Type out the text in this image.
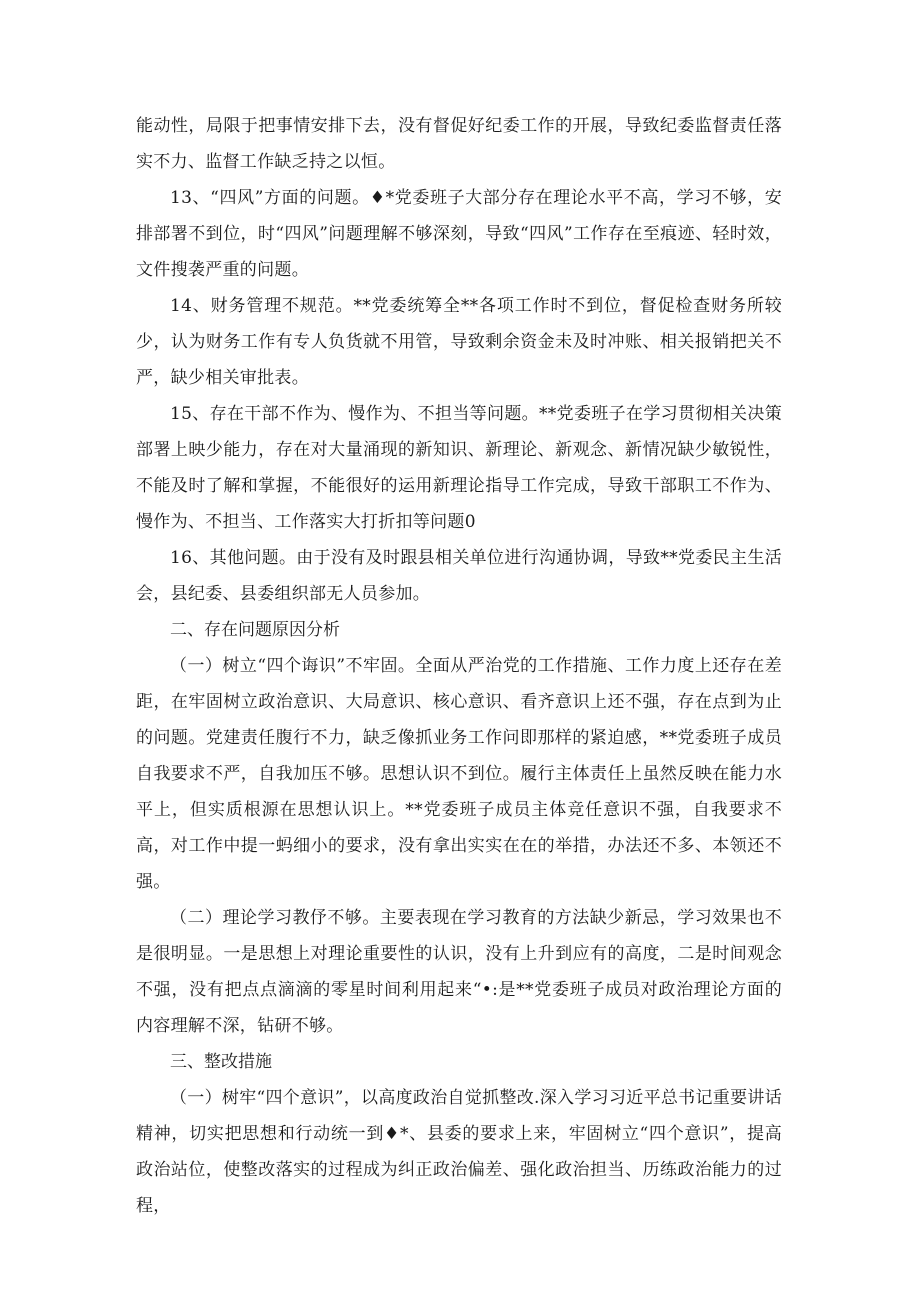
能动性，局限于把事情安排下去，没有督促好纪委工作的开展，导致纪委监督责任落实不力、监督工作缺乏持之以恒。

13、“四风”方面的问题。♦*党委班子大部分存在理论水平不高，学习不够，安排部署不到位，时“四风”问题理解不够深刻，导致“四风”工作存在至痕迹、轻时效，文件搜袭严重的问题。

14、财务管理不规范。**党委统筹全**各项工作时不到位，督促检查财务所较少，认为财务工作有专人负货就不用管，导致剩余资金未及时冲账、相关报销把关不严，缺少相关审批表。

15、存在干部不作为、慢作为、不担当等问题。**党委班子在学习贯彻相关决策部署上映少能力，存在对大量涌现的新知识、新理论、新观念、新情况缺少敏锐性，不能及时了解和掌握，不能很好的运用新理论指导工作完成，导致干部职工不作为、慢作为、不担当、工作落实大打折扣等问题0

16、其他问题。由于没有及时跟县相关单位进行沟通协调，导致**党委民主生活会，县纪委、县委组织部无人员参加。

二、存在问题原因分析

（一）树立“四个诲识”不牢固。全面从严治党的工作措施、工作力度上还存在差距，在牢固树立政治意识、大局意识、核心意识、看齐意识上还不强，存在点到为止的问题。党建责任腹行不力，缺乏像抓业务工作问即那样的紧迫感，**党委班子成员自我要求不严，自我加压不够。思想认识不到位。履行主体责任上虽然反映在能力水平上，但实质根源在思想认识上。**党委班子成员主体竞任意识不强，自我要求不高，对工作中提一蚂细小的要求，没有拿出实实在在的举措，办法还不多、本领还不强。

（二）理论学习教伃不够。主要表现在学习教育的方法缺少新忌，学习效果也不是很明显。一是思想上对理论重要性的认识，没有上升到应有的高度，二是时间观念不强，没有把点点滴滴的零星时间利用起来“•:是**党委班子成员对政治理论方面的内容理解不深，钻研不够。

三、整改措施

（一）树牢“四个意识”，以高度政治自觉抓整改.深入学习习近平总书记重要讲话精神，切实把思想和行动统一到♦*、县委的要求上来，牢固树立“四个意识”，提高政治站位，使整改落实的过程成为纠正政治偏差、强化政治担当、历练政治能力的过程，
